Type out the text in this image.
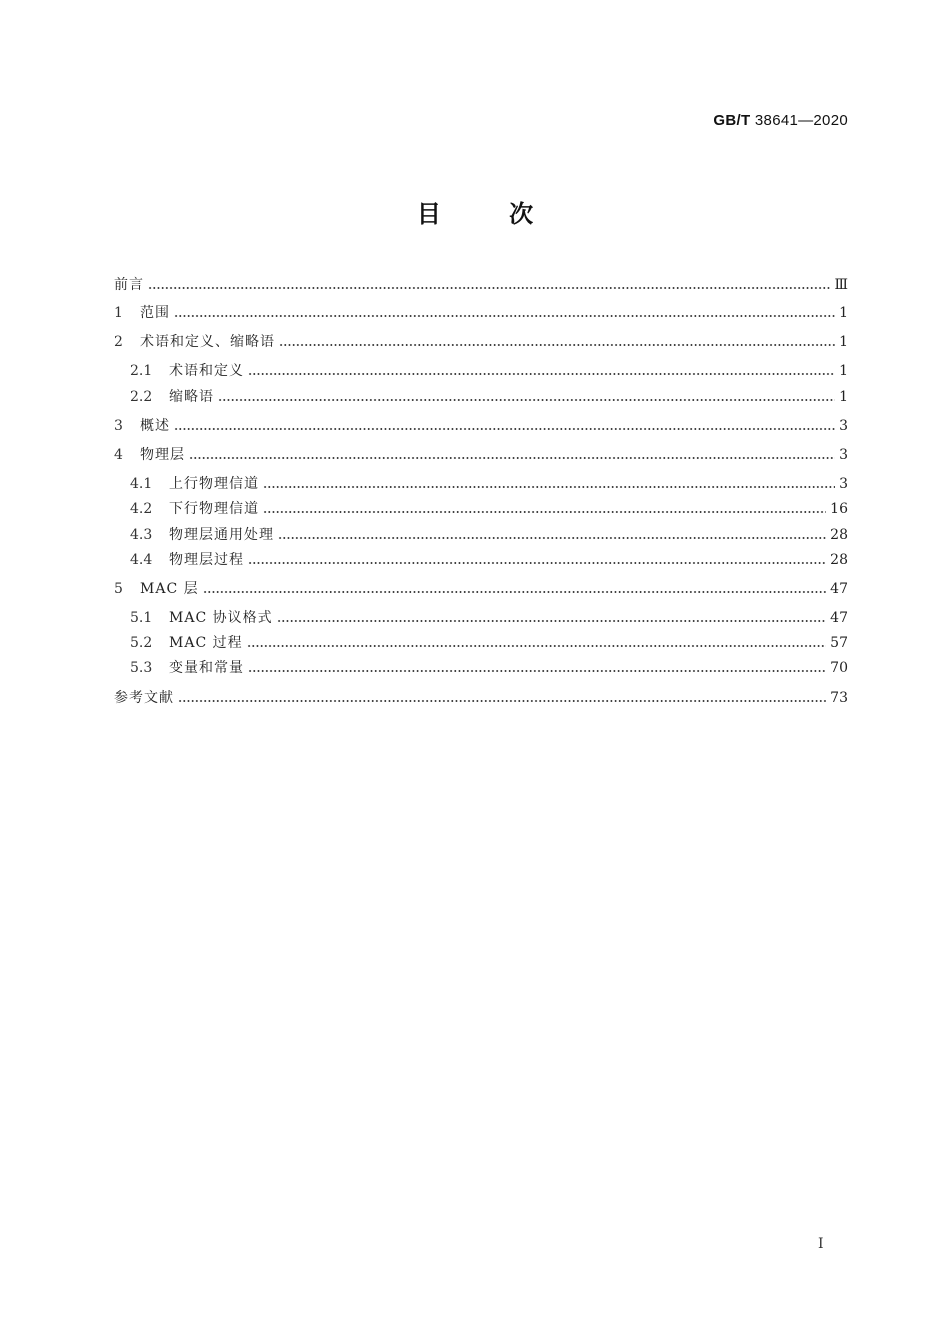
GB/T 38641—2020
目	次
前言	Ⅲ
1	范围	1
2	术语和定义、缩略语	1
2.1	术语和定义	1
2.2	缩略语	1
3	概述	3
4	物理层	3
4.1	上行物理信道	3
4.2	下行物理信道	16
4.3	物理层通用处理	28
4.4	物理层过程	28
5	MAC 层	47
5.1	MAC 协议格式	47
5.2	MAC 过程	57
5.3	变量和常量	70
参考文献	73
I
